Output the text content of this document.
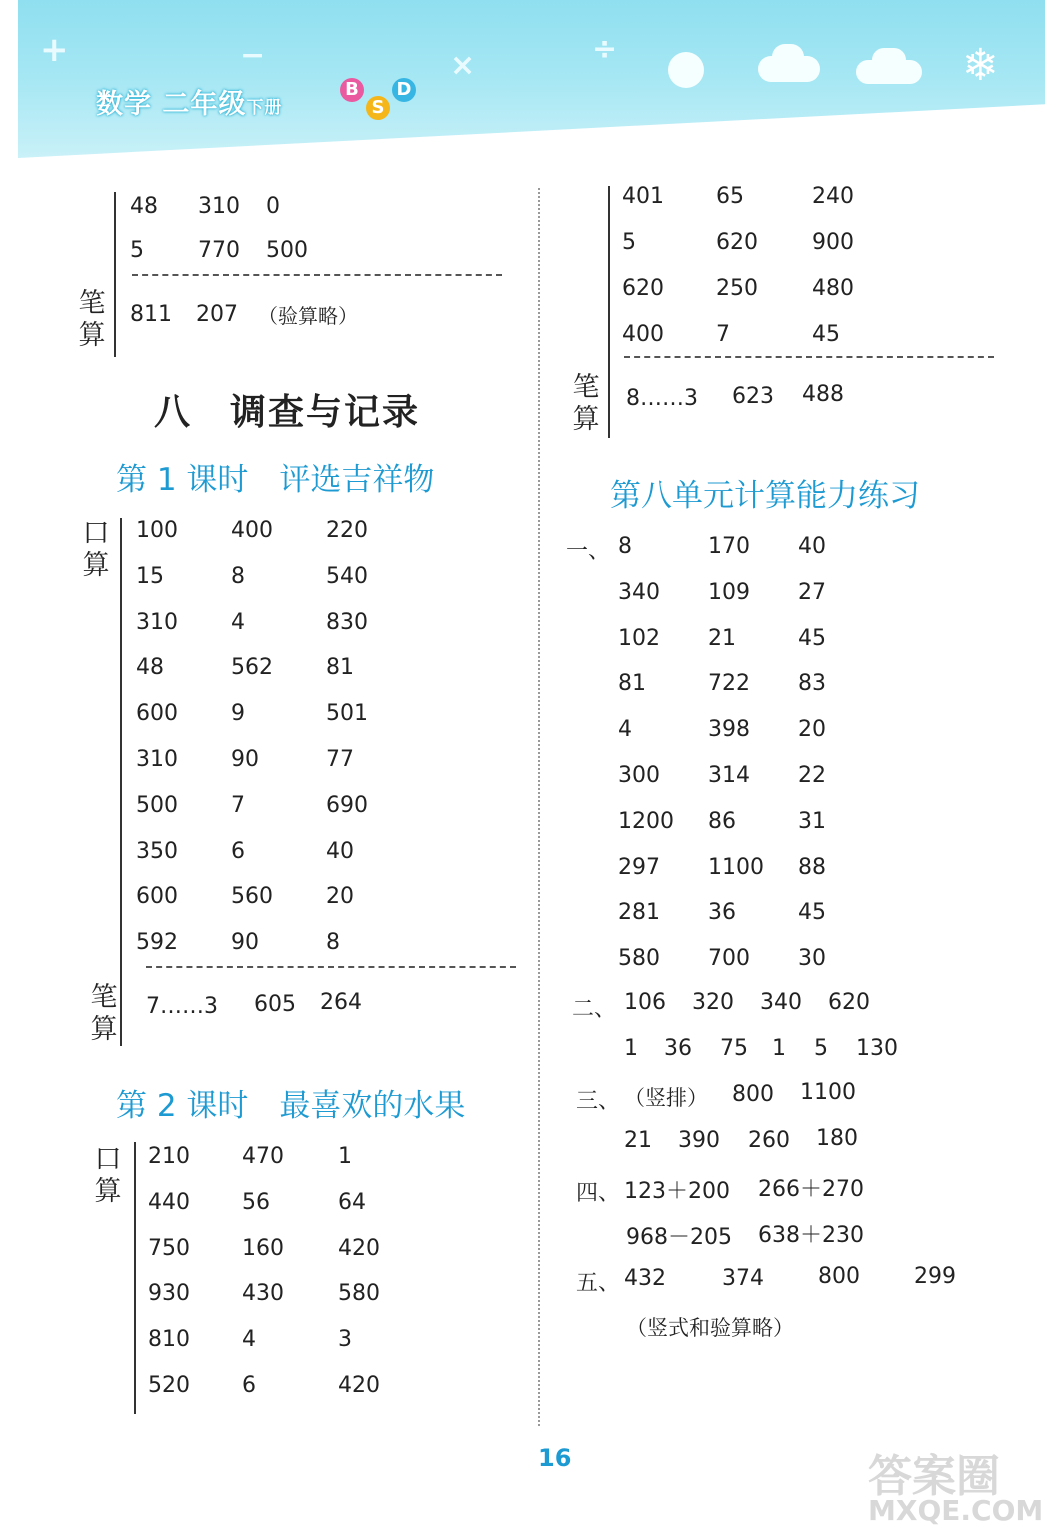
+	−	×	÷	❄
数学 二年级下册
B
S
D
48 310 0
5 770 500
笔算
811 207 （验算略）
八　调查与记录
第 1 课时　评选吉祥物
口算
100 400 220
15	8	540
310 4	830
48	562 81
600 9	501
310 90	77
500 7	690
350 6	40
600 560 20
592 90	8
笔算
7……3 605 264
第 2 课时　最喜欢的水果
口算
210 470 1
440 56	64
750 160 420
930 430 580
810 4	3
520 6	420
401 65	240
5	620 900
620 250 480
400 7	45
笔算
8……3 623 488
第八单元计算能力练习
一、 8	170 40
340 109 27
102 21	45
81	722 83
4	398 20
300 314 22
1200 86	31
297 1100 88
281 36	45
580 700 30
二、 106 320 340 620
1 36 75 1 5 130
三、 （竖排） 800 1100
21 390 260 180
四、 123＋200 266＋270
968－205 638＋230
五、 432	374 800 299
（竖式和验算略）
16	答案圈
MXQE.COM
